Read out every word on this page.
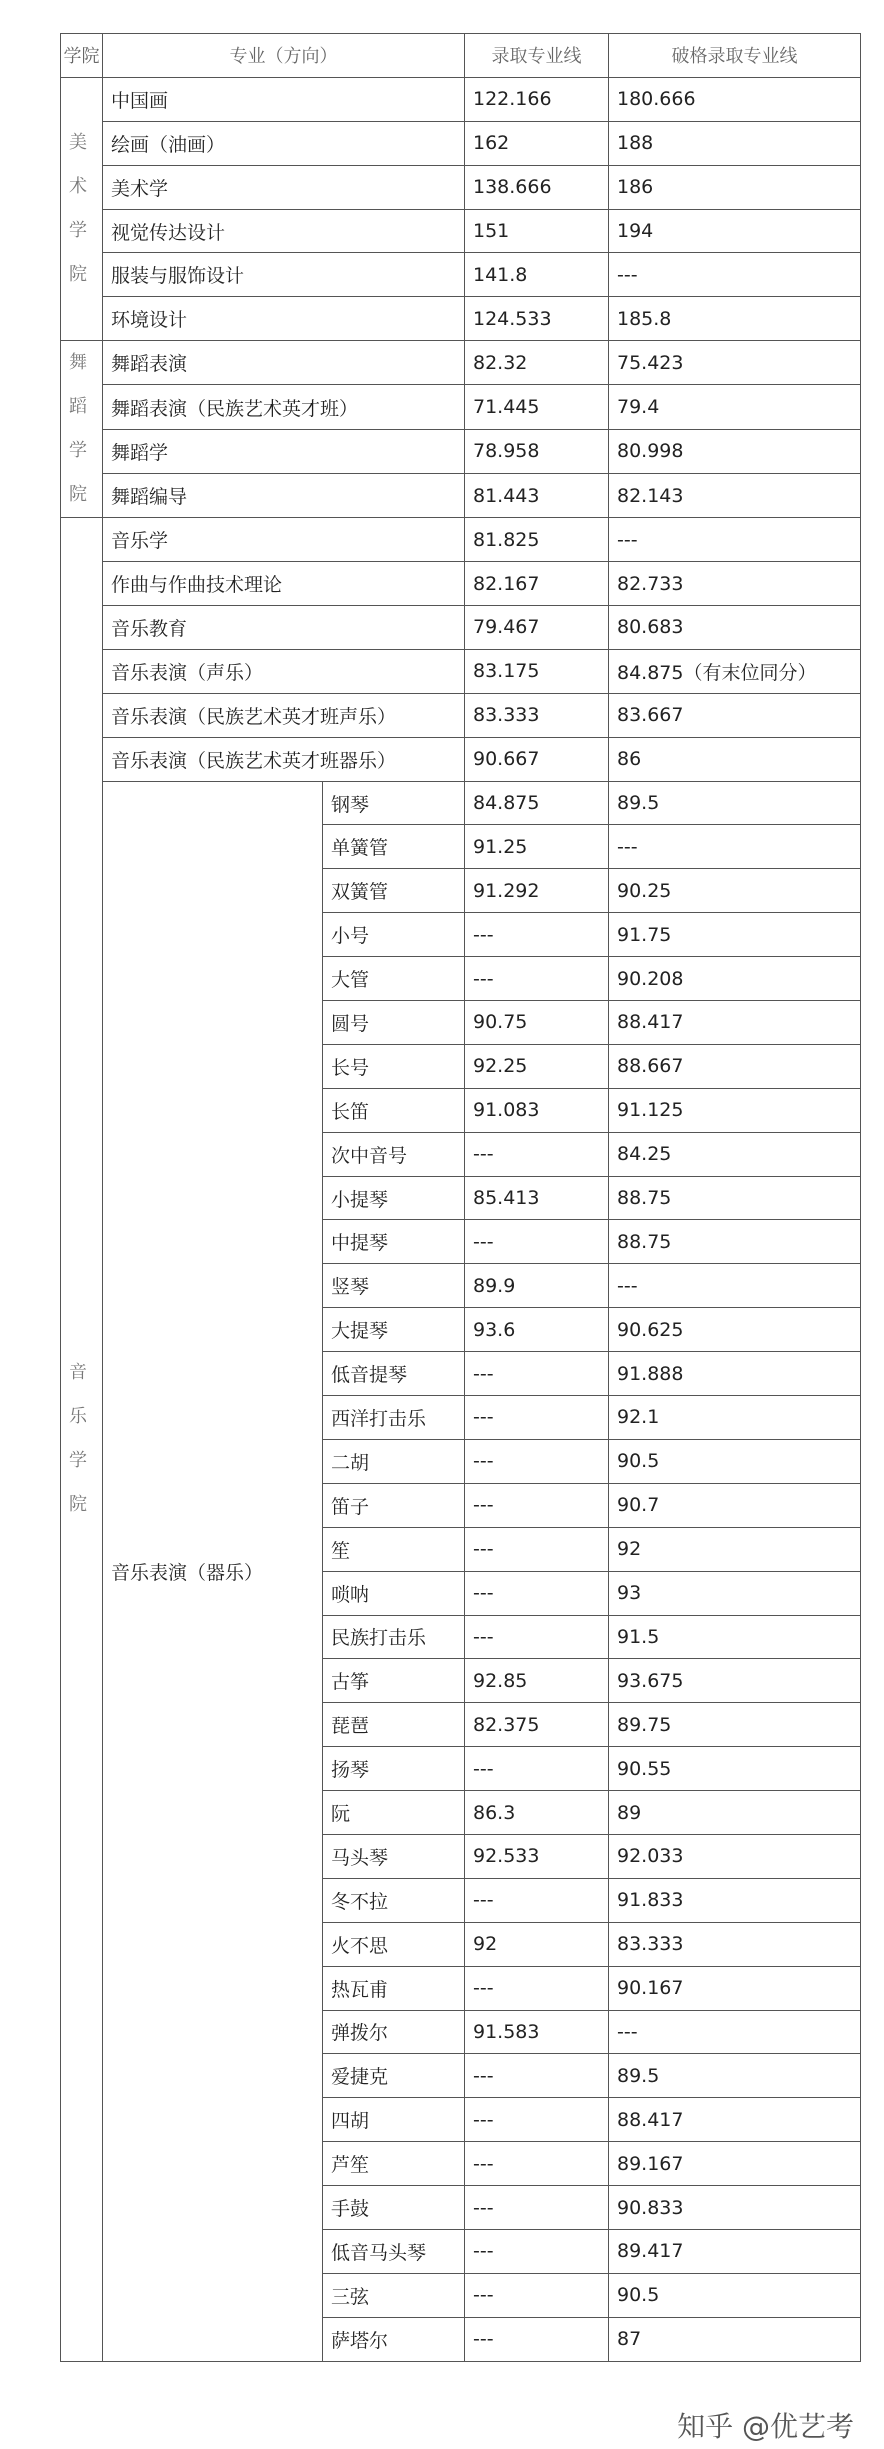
学院	专业（方向）		录取专业线	破格录取专业线
美术学院	中国画		122.166	180.666
	绘画（油画）		162	188
	美术学		138.666	186
	视觉传达设计		151	194
	服装与服饰设计		141.8	---
	环境设计		124.533	185.8
舞蹈学院	舞蹈表演		82.32	75.423
	舞蹈表演（民族艺术英才班）		71.445	79.4
	舞蹈学		78.958	80.998
	舞蹈编导		81.443	82.143
音乐学院	音乐学		81.825	---
	作曲与作曲技术理论		82.167	82.733
	音乐教育		79.467	80.683
	音乐表演（声乐）		83.175	84.875（有末位同分）
	音乐表演（民族艺术英才班声乐）		83.333	83.667
	音乐表演（民族艺术英才班器乐）		90.667	86
	音乐表演（器乐）	钢琴	84.875	89.5
		单簧管	91.25	---
		双簧管	91.292	90.25
		小号	---	91.75
		大管	---	90.208
		圆号	90.75	88.417
		长号	92.25	88.667
		长笛	91.083	91.125
		次中音号	---	84.25
		小提琴	85.413	88.75
		中提琴	---	88.75
		竖琴	89.9	---
		大提琴	93.6	90.625
		低音提琴	---	91.888
		西洋打击乐	---	92.1
		二胡	---	90.5
		笛子	---	90.7
		笙	---	92
		唢呐	---	93
		民族打击乐	---	91.5
		古筝	92.85	93.675
		琵琶	82.375	89.75
		扬琴	---	90.55
		阮	86.3	89
		马头琴	92.533	92.033
		冬不拉	---	91.833
		火不思	92	83.333
		热瓦甫	---	90.167
		弹拨尔	91.583	---
		爱捷克	---	89.5
		四胡	---	88.417
		芦笙	---	89.167
		手鼓	---	90.833
		低音马头琴	---	89.417
		三弦	---	90.5
		萨塔尔	---	87
知乎 @优艺考
